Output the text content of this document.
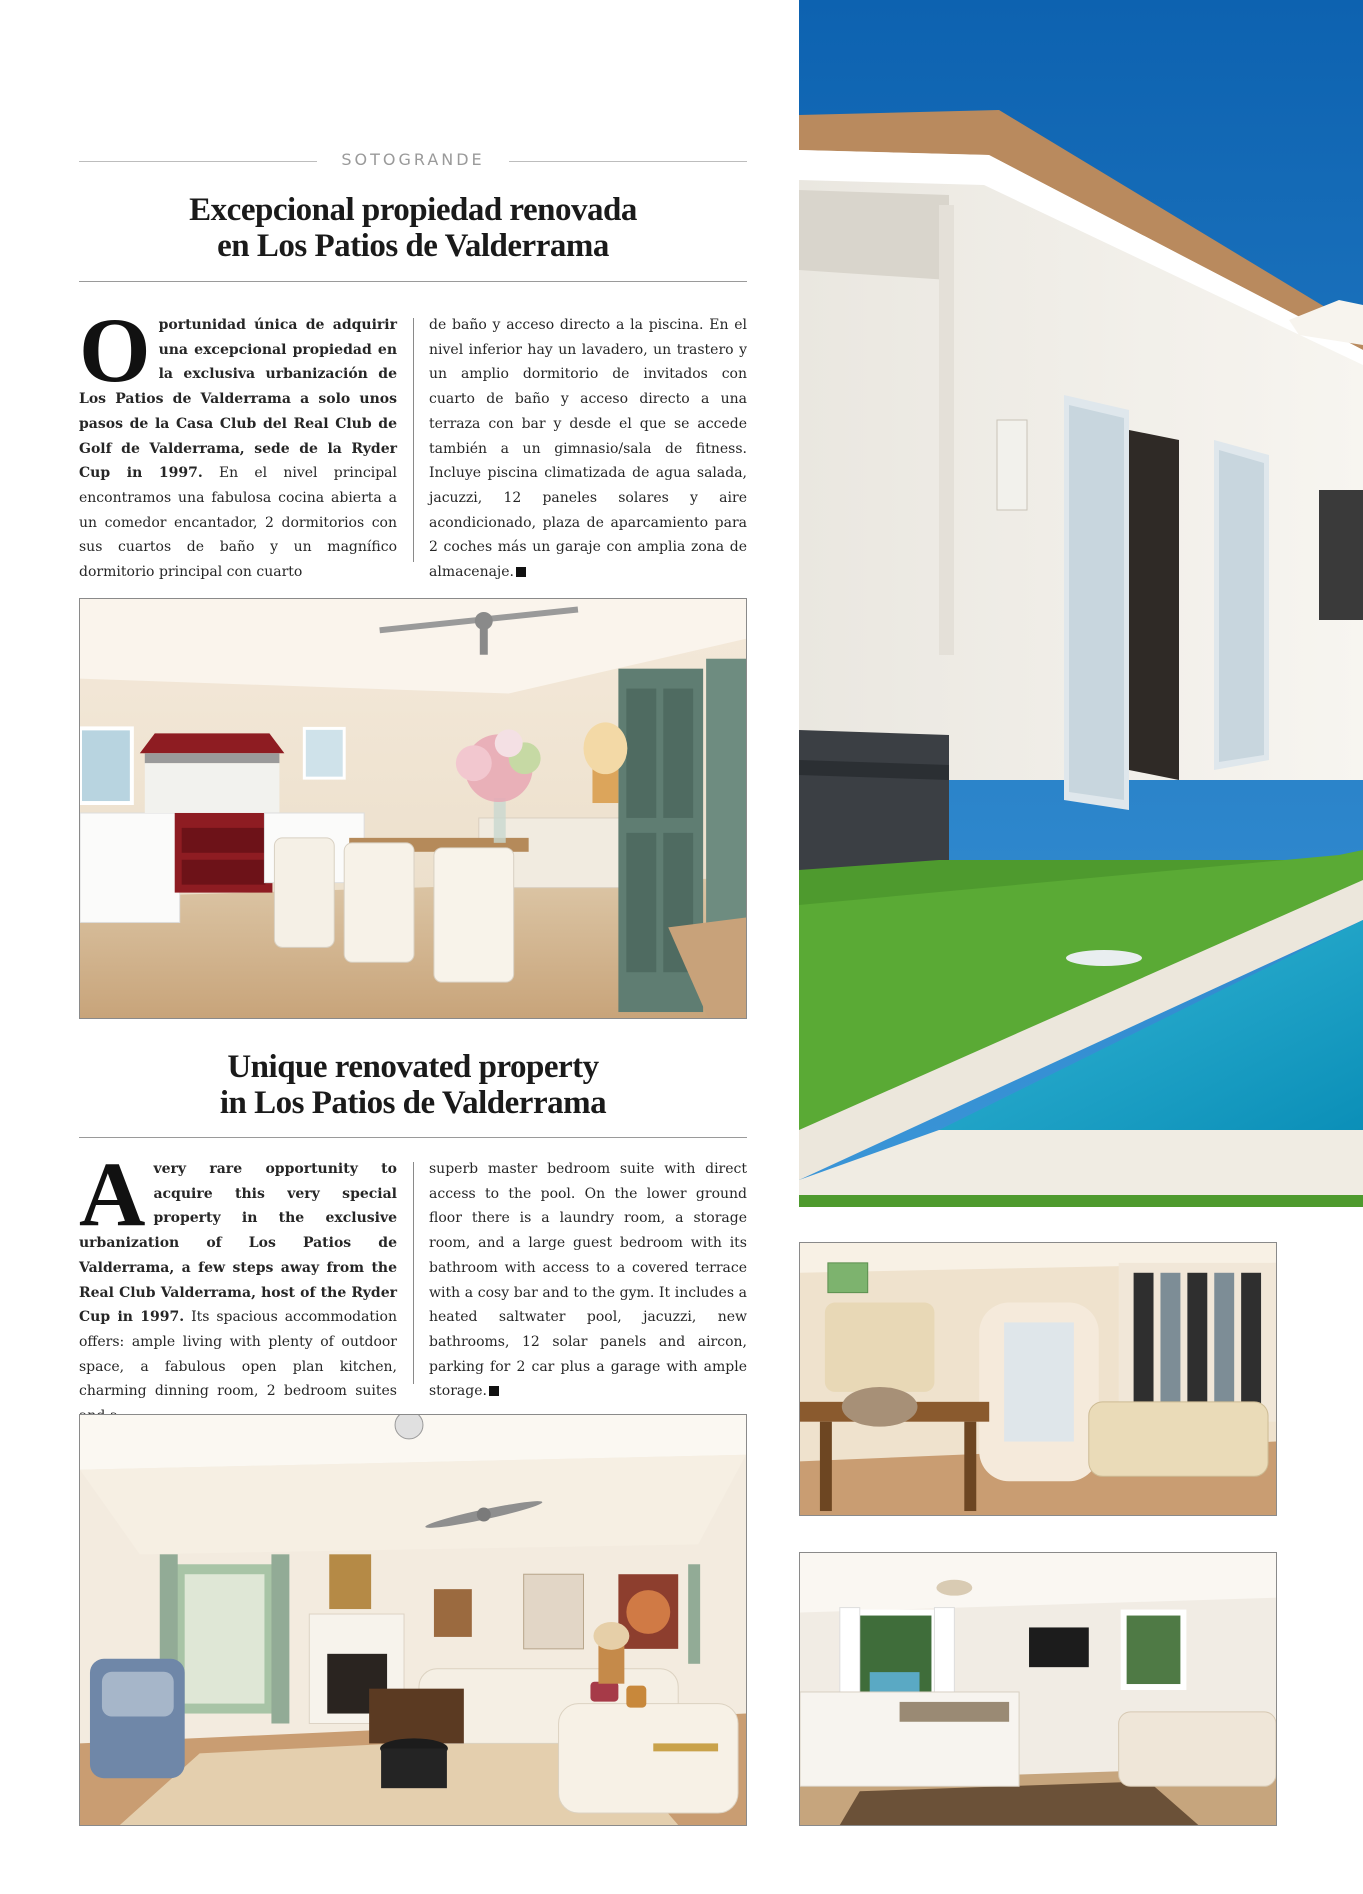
SOTOGRANDE
Excepcional propiedad renovada
en Los Patios de Valderrama
Oportunidad única de adquirir una excepcional propiedad en la exclusiva urbanización de Los Patios de Valderrama a solo unos pasos de la Casa Club del Real Club de Golf de Valderrama, sede de la Ryder Cup in 1997. En el nivel principal encontramos una fabulosa cocina abierta a un comedor encantador, 2 dormitorios con sus cuartos de baño y un magnífico dormitorio principal con cuarto
de baño y acceso directo a la piscina. En el nivel inferior hay un lavadero, un trastero y un amplio dormitorio de invitados con cuarto de baño y acceso directo a una terraza con bar y desde el que se accede también a un gimnasio/sala de fitness. Incluye piscina climatizada de agua salada, jacuzzi, 12 paneles solares y aire acondicionado, plaza de aparcamiento para 2 coches más un garaje con amplia zona de almacenaje.
Unique renovated property
in Los Patios de Valderrama
Avery rare opportunity to acquire this very special property in the exclusive urbanization of Los Patios de Valderrama, a few steps away from the Real Club Valderrama, host of the Ryder Cup in 1997. Its spacious accommodation offers: ample living with plenty of outdoor space, a fabulous open plan kitchen, charming dinning room, 2 bedroom suites
superb master bedroom suite with direct access to the pool. On the lower ground floor there is a laundry room, a storage room, and a large guest bedroom with its bathroom with access to a covered terrace with a cosy bar and to the gym. It includes a heated saltwater pool, jacuzzi, new bathrooms, 12 solar panels and aircon, parking for 2 car plus a garage with ample storage.
